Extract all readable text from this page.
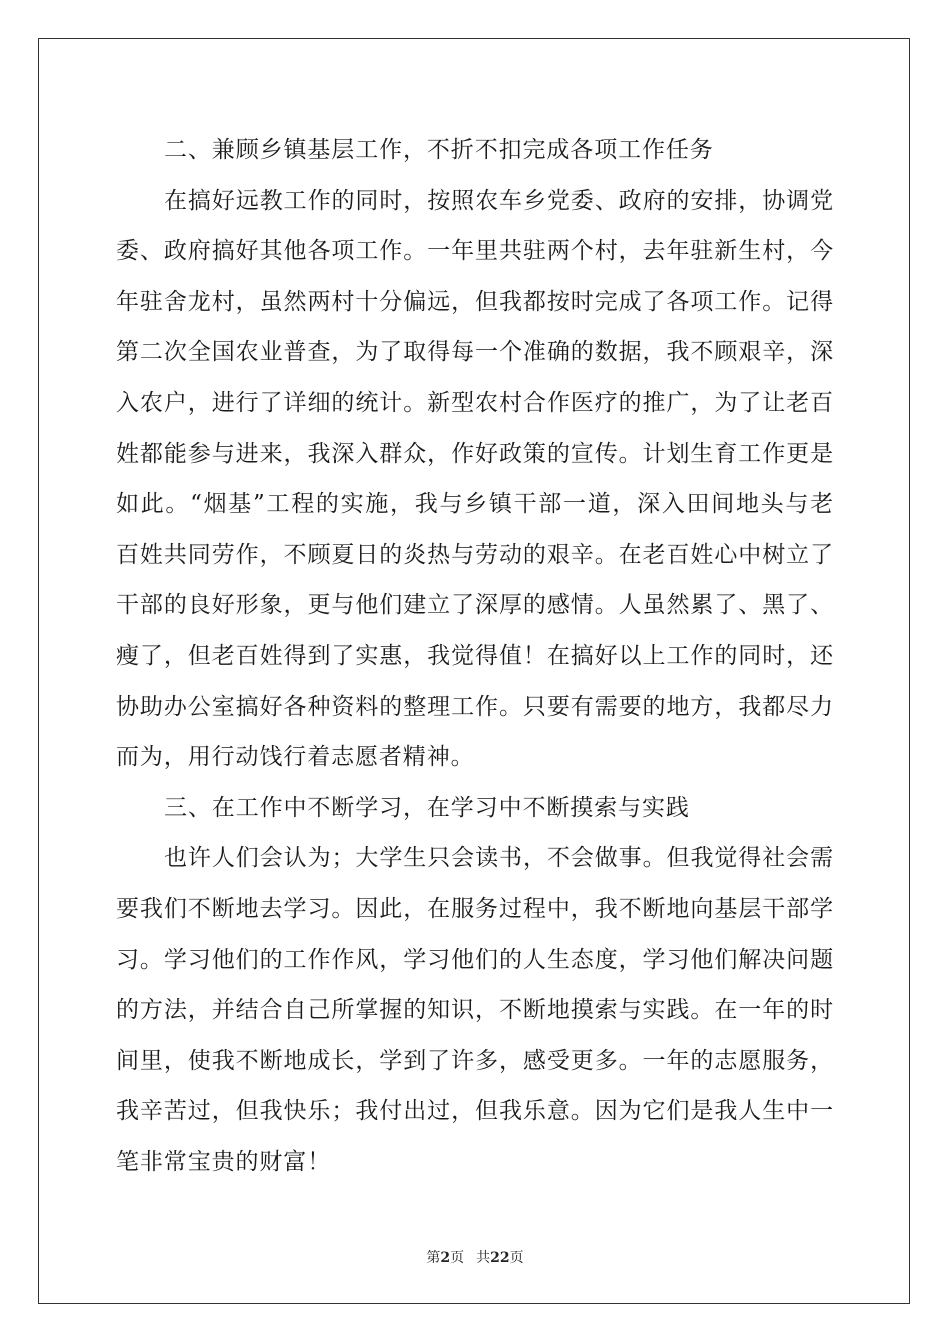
二、兼顾乡镇基层工作，不折不扣完成各项工作任务
在搞好远教工作的同时，按照农车乡党委、政府的安排，协调党
委、政府搞好其他各项工作。一年里共驻两个村，去年驻新生村，今
年驻舍龙村，虽然两村十分偏远，但我都按时完成了各项工作。记得
第二次全国农业普查，为了取得每一个准确的数据，我不顾艰辛，深
入农户，进行了详细的统计。新型农村合作医疗的推广，为了让老百
姓都能参与进来，我深入群众，作好政策的宣传。计划生育工作更是
如此。“烟基”工程的实施，我与乡镇干部一道，深入田间地头与老
百姓共同劳作，不顾夏日的炎热与劳动的艰辛。在老百姓心中树立了
干部的良好形象，更与他们建立了深厚的感情。人虽然累了、黑了、
瘦了，但老百姓得到了实惠，我觉得值！在搞好以上工作的同时，还
协助办公室搞好各种资料的整理工作。只要有需要的地方，我都尽力
而为，用行动饯行着志愿者精神。
三、在工作中不断学习，在学习中不断摸索与实践
也许人们会认为；大学生只会读书，不会做事。但我觉得社会需
要我们不断地去学习。因此，在服务过程中，我不断地向基层干部学
习。学习他们的工作作风，学习他们的人生态度，学习他们解决问题
的方法，并结合自己所掌握的知识，不断地摸索与实践。在一年的时
间里，使我不断地成长，学到了许多，感受更多。一年的志愿服务，
我辛苦过，但我快乐；我付出过，但我乐意。因为它们是我人生中一
笔非常宝贵的财富！
第2页 共22页
